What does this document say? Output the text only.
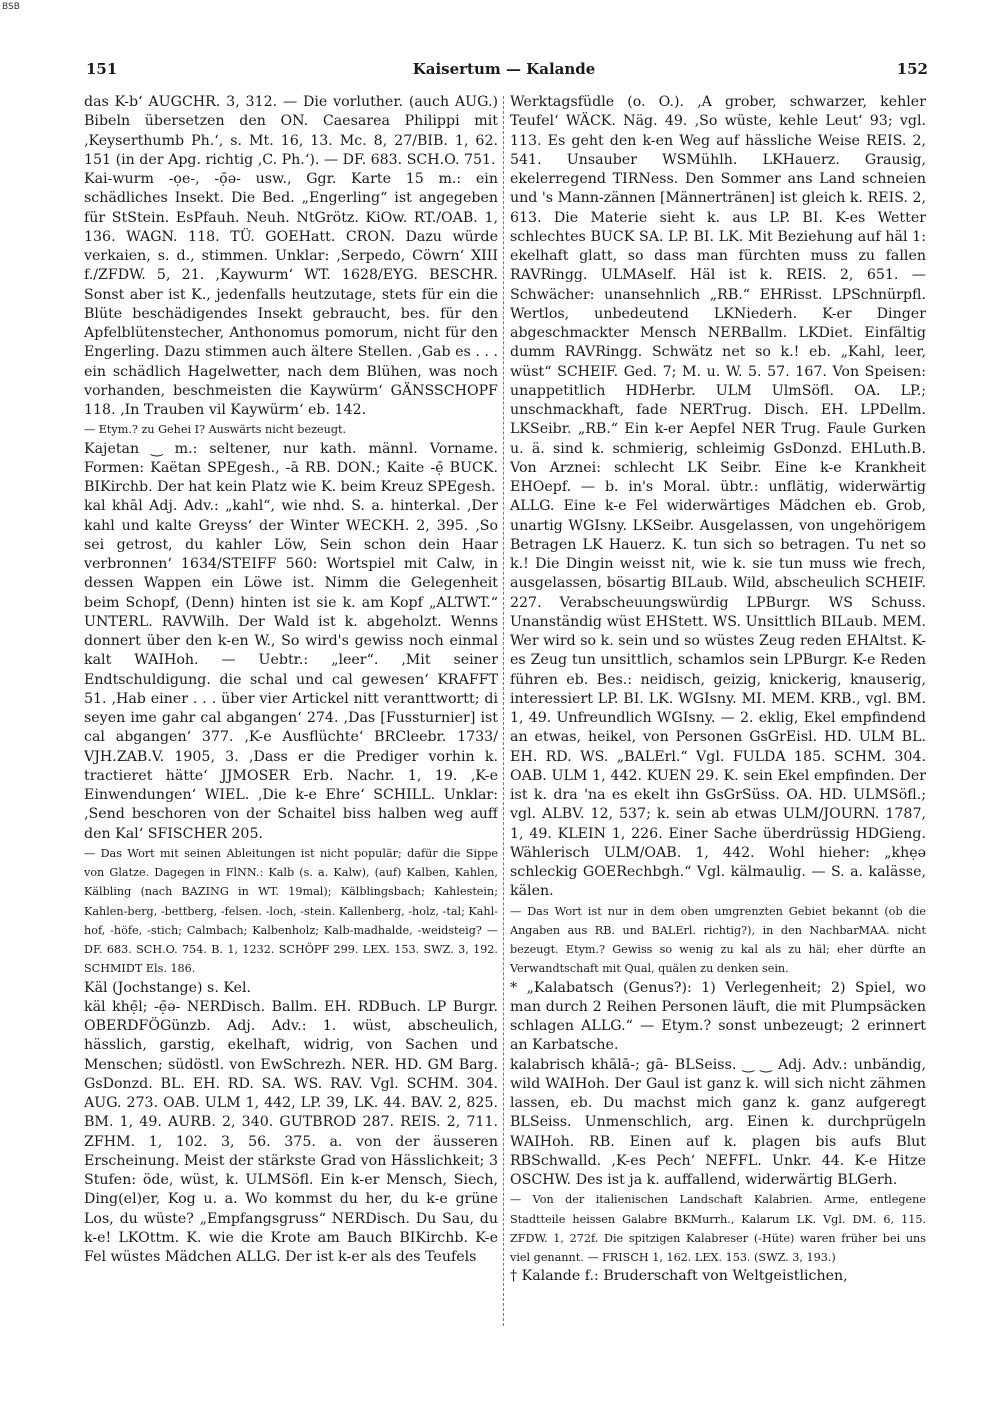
BSB
151	Kaisertum — Kalande	152

das K-b‘ AUGCHR. 3, 312. — Die vorluther. (auch AUG.) Bibeln übersetzen den ON. Caesarea Philippi mit ‚Keyserthumb Ph.‘, s. Mt. 16, 13. Mc. 8, 27/BIB. 1, 62. 151 (in der Apg. richtig ‚C. Ph.‘). — DF. 683. SCH.O. 751.

Kai-wurm -ọe-, -ọ̄ə- usw., Ggr. Karte 15 m.: ein schädliches Insekt. Die Bed. „Engerling“ ist angegeben für StStein. EsPfauh. Neuh. NtGrötz. KiOw. RT./OAB. 1, 136. WAGN. 118. TÜ. GOEHatt. CRON. Dazu würde verkaien, s. d., stimmen. Unklar: ‚Serpedo, Cöwrn‘ XIII f./ZFDW. 5, 21. ‚Kaywurm‘ WT. 1628/EYG. BESCHR. Sonst aber ist K., jedenfalls heutzutage, stets für ein die Blüte beschädigendes Insekt gebraucht, bes. für den Apfelblütenstecher, Anthonomus pomorum, nicht für den Engerling. Dazu stimmen auch ältere Stellen. ‚Gab es . . . ein schädlich Hagelwetter, nach dem Blühen, was noch vorhanden, beschmeisten die Kaywürm‘ GÄNSSCHOPF 118. ‚In Trauben vil Kaywürm‘ eb. 142.

— Etym.? zu Gehei I? Auswärts nicht bezeugt.

Kajetan ‿ m.: seltener, nur kath. männl. Vorname. Formen: Kaëtan SPEgesh., -ā RB. DON.; Kaite -ẹ̄ BUCK. BIKirchb. Der hat kein Platz wie K. beim Kreuz SPEgesh.

kal khāl Adj. Adv.: „kahl“, wie nhd. S. a. hinterkal. ‚Der kahl und kalte Greyss‘ der Winter WECKH. 2, 395. ‚So sei getrost, du kahler Löw, Sein schon dein Haar verbronnen‘ 1634/STEIFF 560: Wortspiel mit Calw, in dessen Wappen ein Löwe ist. Nimm die Gelegenheit beim Schopf, (Denn) hinten ist sie k. am Kopf „ALTWT.“ UNTERL. RAVWilh. Der Wald ist k. abgeholzt. Wenns donnert über den k-en W., So wird's gewiss noch einmal kalt WAIHoh. — Uebtr.: „leer“. ‚Mit seiner Endtschuldigung. die schal und cal gewesen‘ KRAFFT 51. ‚Hab einer . . . über vier Artickel nitt veranttwortt; di seyen ime gahr cal abgangen‘ 274. ‚Das [Fussturnier] ist cal abgangen‘ 377. ‚K-e Ausflüchte‘ BRCleebr. 1733/ VJH.ZAB.V. 1905, 3. ‚Dass er die Prediger vorhin k. tractieret hätte‘ JJMOSER Erb. Nachr. 1, 19. ‚K-e Einwendungen‘ WIEL. ‚Die k-e Ehre‘ SCHILL. Unklar: ‚Send beschoren von der Schaitel biss halben weg auff den Kal‘ SFISCHER 205.

— Das Wort mit seinen Ableitungen ist nicht populär; dafür die Sippe von Glatze. Dagegen in FlNN.: Kalb (s. a. Kalw), (auf) Kalben, Kahlen, Kälbling (nach BAZING in WT. 19mal); Kälblingsbach; Kahlestein; Kahlen-berg, -bettberg, -felsen. -loch, -stein. Kallenberg, -holz, -tal; Kahl-hof, -höfe, -stich; Calmbach; Kalbenholz; Kalb-madhalde, -weidsteig? — DF. 683. SCH.O. 754. B. 1, 1232. SCHÖPF 299. LEX. 153. SWZ. 3, 192. SCHMIDT Els. 186.

Käl (Jochstange) s. Kel.

käl khẹ̄l; -ẹ̄ə- NERDisch. Ballm. EH. RDBuch. LP Burgr. OBERDFÖGünzb. Adj. Adv.: 1. wüst, abscheulich, hässlich, garstig, ekelhaft, widrig, von Sachen und Menschen; südöstl. von EwSchrezh. NER. HD. GM Barg. GsDonzd. BL. EH. RD. SA. WS. RAV. Vgl. SCHM. 304. AUG. 273. OAB. ULM 1, 442, LP. 39, LK. 44. BAV. 2, 825. BM. 1, 49. AURB. 2, 340. GUTBROD 287. REIS. 2, 711. ZFHM. 1, 102. 3, 56. 375. a. von der äusseren Erscheinung. Meist der stärkste Grad von Hässlichkeit; 3 Stufen: öde, wüst, k. ULMSöfl. Ein k-er Mensch, Siech, Ding(el)er, Kog u. a. Wo kommst du her, du k-e grüne Los, du wüste? „Empfangsgruss“ NERDisch. Du Sau, du k-e! LKOttm. K. wie die Krote am Bauch BIKirchb. K-e Fel wüstes Mädchen ALLG. Der ist k-er als des Teufels

Werktagsfüdle (o. O.). ‚A grober, schwarzer, kehler Teufel‘ WÄCK. Näg. 49. ‚So wüste, kehle Leut‘ 93; vgl. 113. Es geht den k-en Weg auf hässliche Weise REIS. 2, 541. Unsauber WSMühlh. LKHauerz. Grausig, ekelerregend TIRNess. Den Sommer ans Land schneien und 's Mann-zännen [Männertränen] ist gleich k. REIS. 2, 613. Die Materie sieht k. aus LP. BI. K-es Wetter schlechtes BUCK SA. LP. BI. LK. Mit Beziehung auf häl 1: ekelhaft glatt, so dass man fürchten muss zu fallen RAVRingg. ULMAself. Häl ist k. REIS. 2, 651. — Schwächer: unansehnlich „RB.“ EHRisst. LPSchnürpfl. Wertlos, unbedeutend LKNiederh. K-er Dinger abgeschmackter Mensch NERBallm. LKDiet. Einfältig dumm RAVRingg. Schwätz net so k.! eb. „Kahl, leer, wüst“ SCHEIF. Ged. 7; M. u. W. 5. 57. 167. Von Speisen: unappetitlich HDHerbr. ULM UlmSöfl. OA. LP.; unschmackhaft, fade NERTrug. Disch. EH. LPDellm. LKSeibr. „RB.“ Ein k-er Aepfel NER Trug. Faule Gurken u. ä. sind k. schmierig, schleimig GsDonzd. EHLuth.B. Von Arznei: schlecht LK Seibr. Eine k-e Krankheit EHOepf. — b. in's Moral. übtr.: unflätig, widerwärtig ALLG. Eine k-e Fel widerwärtiges Mädchen eb. Grob, unartig WGIsny. LKSeibr. Ausgelassen, von ungehörigem Betragen LK Hauerz. K. tun sich so betragen. Tu net so k.! Die Dingin weisst nit, wie k. sie tun muss wie frech, ausgelassen, bösartig BILaub. Wild, abscheulich SCHEIF. 227. Verabscheuungswürdig LPBurgr. WS Schuss. Unanständig wüst EHStett. WS. Unsittlich BILaub. MEM. Wer wird so k. sein und so wüstes Zeug reden EHAltst. K-es Zeug tun unsittlich, schamlos sein LPBurgr. K-e Reden führen eb. Bes.: neidisch, geizig, knickerig, knauserig, interessiert LP. BI. LK. WGIsny. MI. MEM. KRB., vgl. BM. 1, 49. Unfreundlich WGIsny. — 2. eklig, Ekel empfindend an etwas, heikel, von Personen GsGrEisl. HD. ULM BL. EH. RD. WS. „BALErl.“ Vgl. FULDA 185. SCHM. 304. OAB. ULM 1, 442. KUEN 29. K. sein Ekel empfinden. Der ist k. dra 'na es ekelt ihn GsGrSüss. OA. HD. ULMSöfl.; vgl. ALBV. 12, 537; k. sein ab etwas ULM/JOURN. 1787, 1, 49. KLEIN 1, 226. Einer Sache überdrüssig HDGieng. Wählerisch ULM/OAB. 1, 442. Wohl hieher: „khẹə schleckig GOERechbgh.“ Vgl. kälmaulig. — S. a. kalässe, kälen.

— Das Wort ist nur in dem oben umgrenzten Gebiet bekannt (ob die Angaben aus RB. und BALErl. richtig?), in den NachbarMAA. nicht bezeugt. Etym.? Gewiss so wenig zu kal als zu häl; eher dürfte an Verwandtschaft mit Qual, quälen zu denken sein.

* „Kalabatsch (Genus?): 1) Verlegenheit; 2) Spiel, wo man durch 2 Reihen Personen läuft, die mit Plumpsäcken schlagen ALLG.“ — Etym.? sonst unbezeugt; 2 erinnert an Karbatsche.

kalabrisch khālā-; gā- BLSeiss. ‿ ‿ Adj. Adv.: unbändig, wild WAIHoh. Der Gaul ist ganz k. will sich nicht zähmen lassen, eb. Du machst mich ganz k. ganz aufgeregt BLSeiss. Unmenschlich, arg. Einen k. durchprügeln WAIHoh. RB. Einen auf k. plagen bis aufs Blut RBSchwalld. ‚K-es Pech‘ NEFFL. Unkr. 44. K-e Hitze OSCHW. Des ist ja k. auffallend, widerwärtig BLGerh.

— Von der italienischen Landschaft Kalabrien. Arme, entlegene Stadtteile heissen Galabre BKMurrh., Kalarum LK. Vgl. DM. 6, 115. ZFDW. 1, 272f. Die spitzigen Kalabreser (-Hüte) waren früher bei uns viel genannt. — FRISCH 1, 162. LEX. 153. (SWZ. 3, 193.)

† Kalande f.: Bruderschaft von Weltgeistlichen,
